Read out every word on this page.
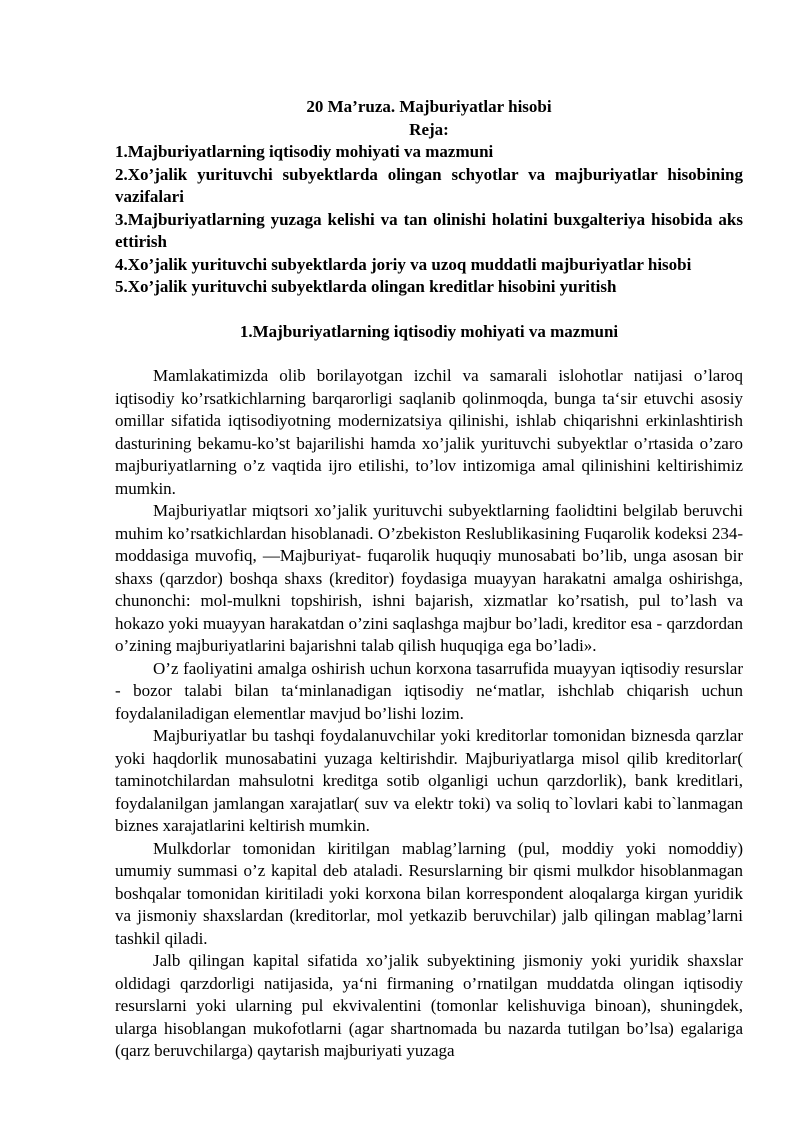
20 Ma’ruza. Majburiyatlar hisobi
Reja:
1.Majburiyatlarning iqtisodiy mohiyati va mazmuni
2.Xo’jalik yurituvchi subyektlarda olingan schyotlar va majburiyatlar hisobining vazifalari
3.Majburiyatlarning yuzaga kelishi va tan olinishi holatini buxgalteriya hisobida aks ettirish
4.Xo’jalik yurituvchi subyektlarda joriy va uzoq muddatli majburiyatlar hisobi
5.Xo’jalik yurituvchi subyektlarda olingan kreditlar hisobini yuritish
1.Majburiyatlarning iqtisodiy mohiyati va mazmuni

Mamlakatimizda olib borilayotgan izchil va samarali islohotlar natijasi o’laroq iqtisodiy ko’rsatkichlarning barqarorligi saqlanib qolinmoqda, bunga ta‘sir etuvchi asosiy omillar sifatida iqtisodiyotning modernizatsiya qilinishi, ishlab chiqarishni erkinlashtirish dasturining bekamu-ko’st bajarilishi hamda xo’jalik yurituvchi subyektlar o’rtasida o’zaro majburiyatlarning o’z vaqtida ijro etilishi, to’lov intizomiga amal qilinishini keltirishimiz mumkin.

Majburiyatlar miqtsori xo’jalik yurituvchi subyektlarning faolidtini belgilab beruvchi muhim ko’rsatkichlardan hisoblanadi. O’zbekiston Reslublikasining Fuqarolik kodeksi 234-moddasiga muvofiq, ―Majburiyat- fuqarolik huquqiy munosabati bo’lib, unga asosan bir shaxs (qarzdor) boshqa shaxs (kreditor) foydasiga muayyan harakatni amalga oshirishga, chunonchi: mol-mulkni topshirish, ishni bajarish, xizmatlar ko’rsatish, pul to’lash va hokazo yoki muayyan harakatdan o’zini saqlashga majbur bo’ladi, kreditor esa - qarzdordan o’zining majburiyatlarini bajarishni talab qilish huquqiga ega bo’ladi».

O’z faoliyatini amalga oshirish uchun korxona tasarrufida muayyan iqtisodiy resurslar - bozor talabi bilan ta‘minlanadigan iqtisodiy ne‘matlar, ishchlab chiqarish uchun foydalaniladigan elementlar mavjud bo’lishi lozim.

Majburiyatlar bu tashqi foydalanuvchilar yoki kreditorlar tomonidan biznesda qarzlar yoki haqdorlik munosabatini yuzaga keltirishdir. Majburiyatlarga misol qilib kreditorlar( taminotchilardan mahsulotni kreditga sotib olganligi uchun qarzdorlik), bank kreditlari, foydalanilgan jamlangan xarajatlar( suv va elektr toki) va soliq to`lovlari kabi to`lanmagan biznes xarajatlarini keltirish mumkin.

Mulkdorlar tomonidan kiritilgan mablag’larning (pul, moddiy yoki nomoddiy) umumiy summasi o’z kapital deb ataladi. Resurslarning bir qismi mulkdor hisoblanmagan boshqalar tomonidan kiritiladi yoki korxona bilan korrespondent aloqalarga kirgan yuridik va jismoniy shaxslardan (kreditorlar, mol yetkazib beruvchilar) jalb qilingan mablag’larni tashkil qiladi.

Jalb qilingan kapital sifatida xo’jalik subyektining jismoniy yoki yuridik shaxslar oldidagi qarzdorligi natijasida, ya‘ni firmaning o’rnatilgan muddatda olingan iqtisodiy resurslarni yoki ularning pul ekvivalentini (tomonlar kelishuviga binoan), shuningdek, ularga hisoblangan mukofotlarni (agar shartnomada bu nazarda tutilgan bo’lsa) egalariga (qarz beruvchilarga) qaytarish majburiyati yuzaga
